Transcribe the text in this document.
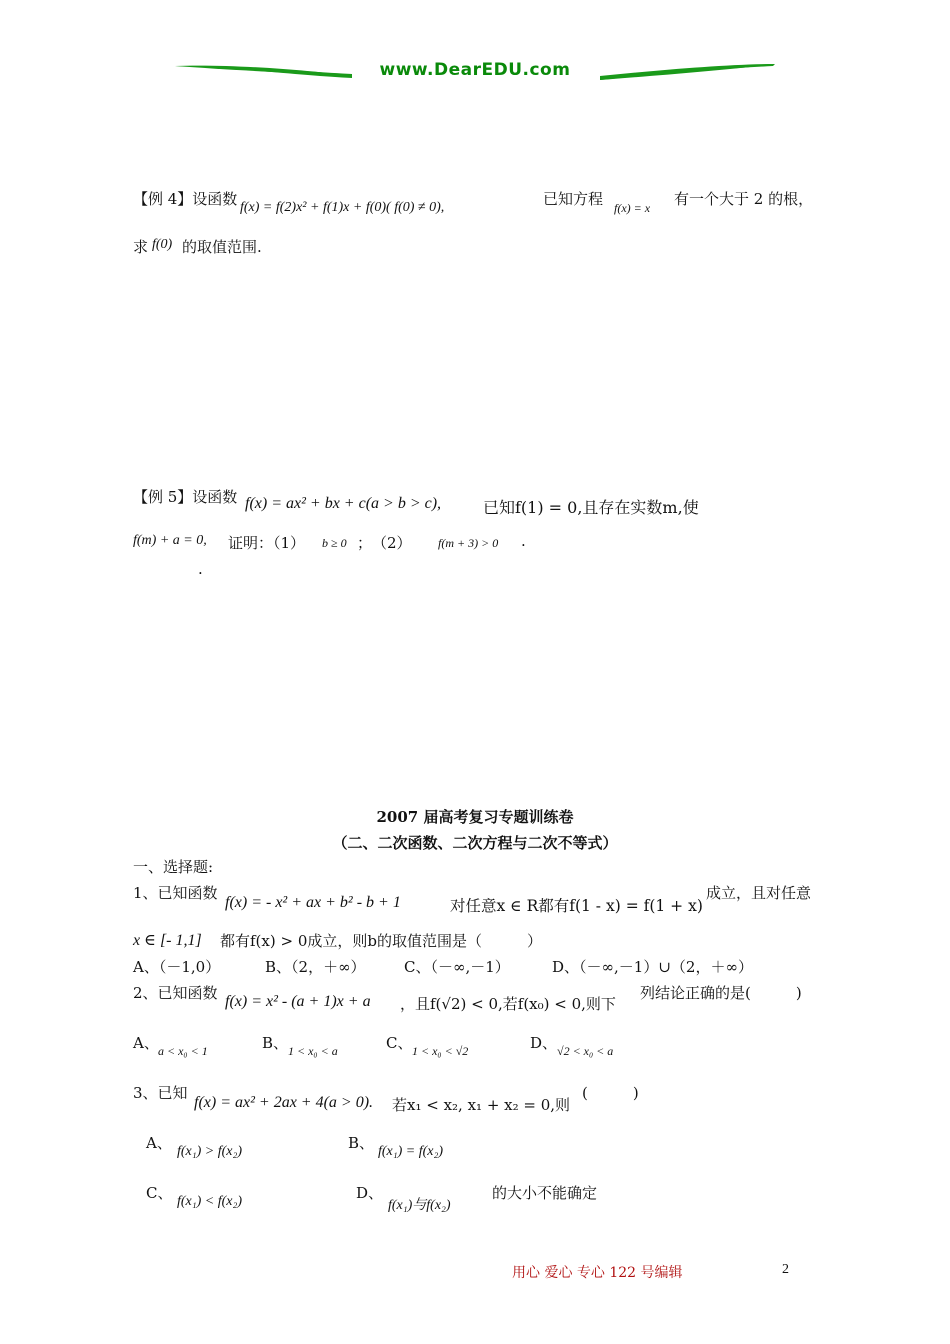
www.DearEDU.com
【例 4】设函数 f(x) = f(2)x² + f(1)x + f(0)( f(0) ≠ 0),	已知方程 f(x) = x 有一个大于 2 的根，
求 f(0) 的取值范围.
【例 5】设函数 f(x) = ax² + bx + c(a > b > c),	已知f(1) = 0,且存在实数m,使
f(m) + a = 0, 证明：（1） b ≥ 0 ；　（2） f(m + 3) > 0 .
.
2007 届高考复习专题训练卷
（二、二次函数、二次方程与二次不等式）
一、选择题:
1、已知函数
f(x) = - x² + ax + b² - b + 1	对任意x ∈ R都有f(1 - x) = f(1 + x)
成立，且对任意
x ∈ [- 1,1] 都有f(x) > 0成立，则b的取值范围是（　　　）
A、（－1,0）	B、（2，＋∞）	C、（－∞,－1）	D、（－∞,－1）∪（2，＋∞）
2、已知函数 f(x) = x² - (a + 1)x + a ，且f(√2) < 0,若f(x₀) < 0,则下
列结论正确的是(　　　)
A、 a < x₀ < 1	B、 1 < x₀ < a	C、 1 < x₀ < √2	D、 √2 < x₀ < a
3、已知
f(x) = ax² + 2ax + 4(a > 0). 若x₁ < x₂, x₁ + x₂ = 0,则
(　　　)
A、 f(x₁) > f(x₂)	B、 f(x₁) = f(x₂)
C、 f(x₁) < f(x₂)	D、
f(x₁)与f(x₂)
的大小不能确定
用心 爱心 专心 122 号编辑	2
